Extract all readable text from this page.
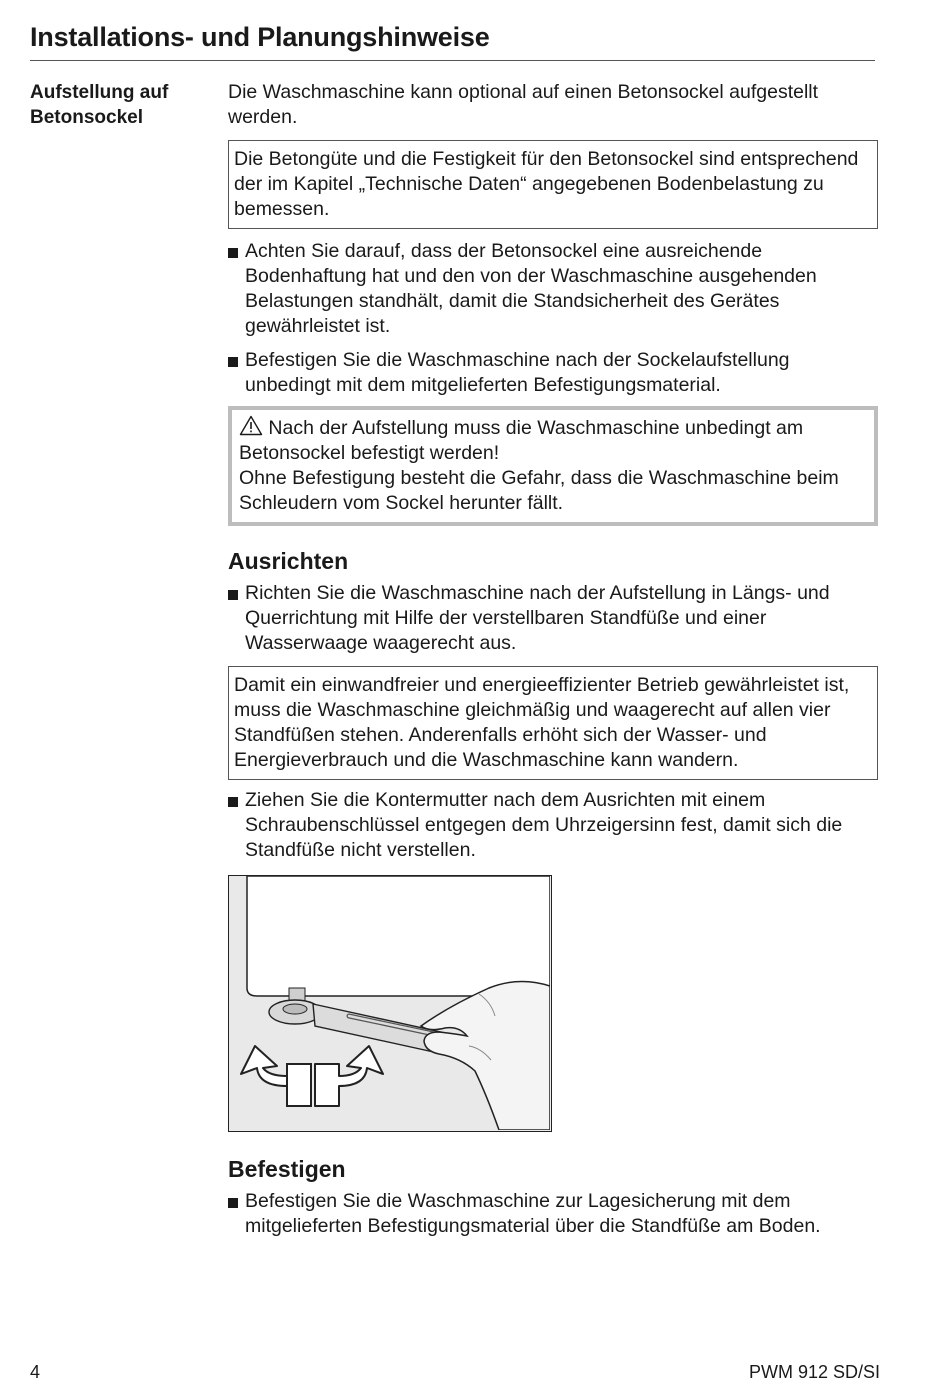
Installations- und Planungshinweise
Aufstellung auf
Betonsockel

Die Waschmaschine kann optional auf einen Betonsockel aufgestellt werden.

Die Betongüte und die Festigkeit für den Betonsockel sind entsprechend der im Kapitel „Technische Daten“ angegebenen Bodenbelastung zu bemessen.
Achten Sie darauf, dass der Betonsockel eine ausreichende Bodenhaftung hat und den von der Waschmaschine ausgehenden Belastungen standhält, damit die Standsicherheit des Gerätes gewährleistet ist.
Befestigen Sie die Waschmaschine nach der Sockelaufstellung unbedingt mit dem mitgelieferten Befestigungsmaterial.
Nach der Aufstellung muss die Waschmaschine unbedingt am Betonsockel befestigt werden!
Ohne Befestigung besteht die Gefahr, dass die Waschmaschine beim Schleudern vom Sockel herunter fällt.
Ausrichten
Richten Sie die Waschmaschine nach der Aufstellung in Längs- und Querrichtung mit Hilfe der verstellbaren Standfüße und einer Wasserwaage waagerecht aus.
Damit ein einwandfreier und energieeffizienter Betrieb gewährleistet ist, muss die Waschmaschine gleichmäßig und waagerecht auf allen vier Standfüßen stehen. Anderenfalls erhöht sich der Wasser- und Energieverbrauch und die Waschmaschine kann wandern.
Ziehen Sie die Kontermutter nach dem Ausrichten mit einem Schraubenschlüssel entgegen dem Uhrzeigersinn fest, damit sich die Standfüße nicht verstellen.
Befestigen
Befestigen Sie die Waschmaschine zur Lagesicherung mit dem mitgelieferten Befestigungsmaterial über die Standfüße am Boden.
4	PWM 912 SD/SI
